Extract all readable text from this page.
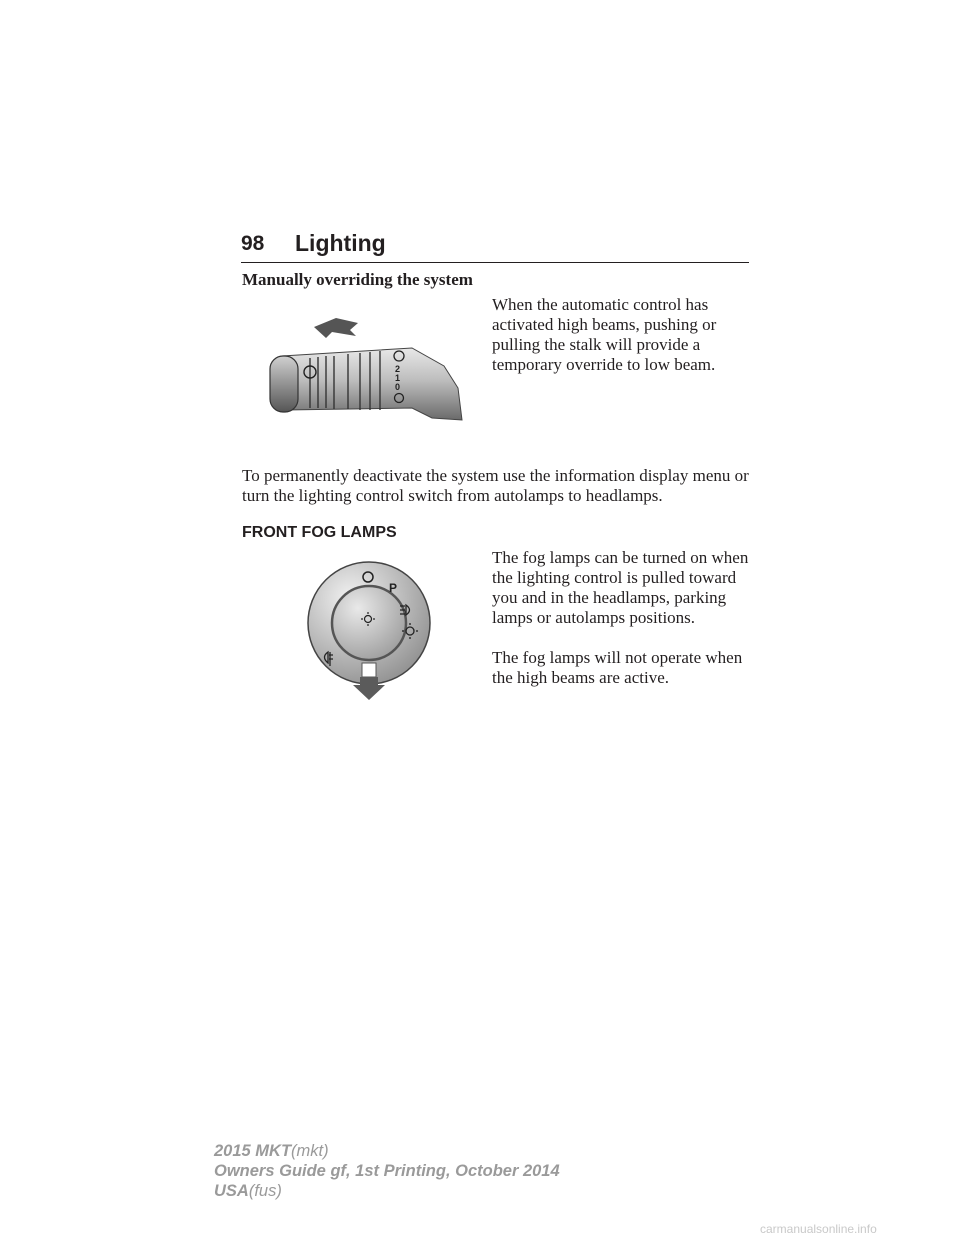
98 Lighting
Manually overriding the system

When the automatic control has activated high beams, pushing or pulling the stalk will provide a temporary override to low beam.

2
1
0

To permanently deactivate the system use the information display menu or turn the lighting control switch from autolamps to headlamps.

FRONT FOG LAMPS

The fog lamps can be turned on when the lighting control is pulled toward you and in the headlamps, parking lamps or autolamps positions.

The fog lamps will not operate when the high beams are active.

P
2015 MKT(mkt)
Owners Guide gf, 1st Printing, October 2014
USA(fus)
carmanualsonline.info
